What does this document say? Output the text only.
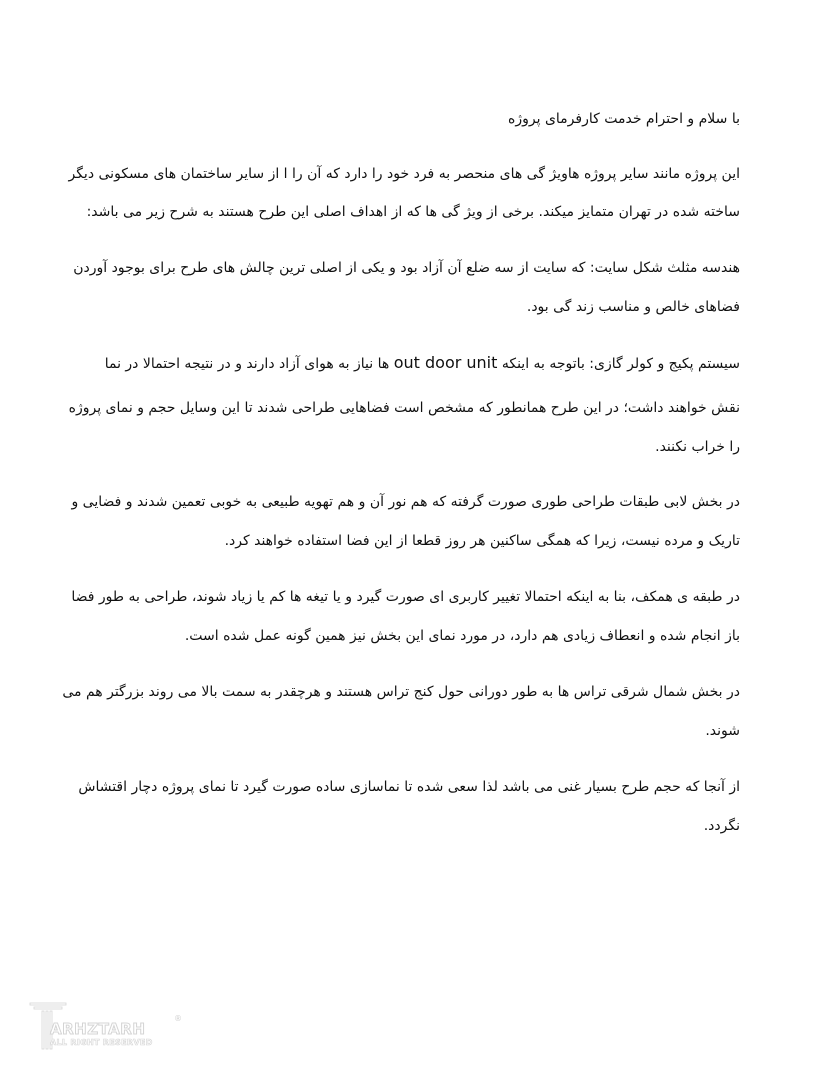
با سلام و احترام خدمت کارفرمای پروژه
این پروژه مانند سایر پروژه هاویژ گی های منحصر به فرد خود را دارد که آن را ا از سایر ساختمان های مسکونی دیگر
ساخته شده در تهران متمایز میکند. برخی از ویژ گی ها که از اهداف اصلی این طرح هستند به شرح زیر می باشد:
هندسه مثلث شکل سایت: که سایت از سه ضلع آن آزاد بود و یکی از اصلی ترین چالش های طرح برای بوجود آوردن
فضاهای خالص و مناسب زند گی بود.
سیستم پکیج و کولر گازی: باتوجه به اینکه out door unit ها نیاز به هوای آزاد دارند و در نتیجه احتمالا در نما
نقش خواهند داشت؛ در این طرح همانطور که مشخص است فضاهایی طراحی شدند تا این وسایل حجم و نمای پروژه
را خراب نکنند.
در بخش لابی طبقات طراحی طوری صورت گرفته که هم نور آن و هم تهویه طبیعی به خوبی تعمین شدند و فضایی و
تاریک و مرده نیست، زیرا که همگی ساکنین هر روز قطعا از این فضا استفاده خواهند کرد.
در طبقه ی همکف، بنا به اینکه احتمالا تغییر کاربری ای صورت گیرد و یا تیغه ها کم یا زیاد شوند، طراحی به طور فضا
باز انجام شده و انعطاف زیادی هم دارد، در مورد نمای این بخش نیز همین گونه عمل شده است.
در بخش شمال شرقی تراس ها به طور دورانی حول کنج تراس هستند و هرچقدر به سمت بالا می روند بزرگتر هم می
شوند.
از آنجا که حجم طرح بسیار غنی می باشد لذا سعی شده تا نماسازی ساده صورت گیرد تا نمای پروژه دچار اقتشاش
نگردد.
ARHZTARH
ALL RIGHT RESERVED
®
